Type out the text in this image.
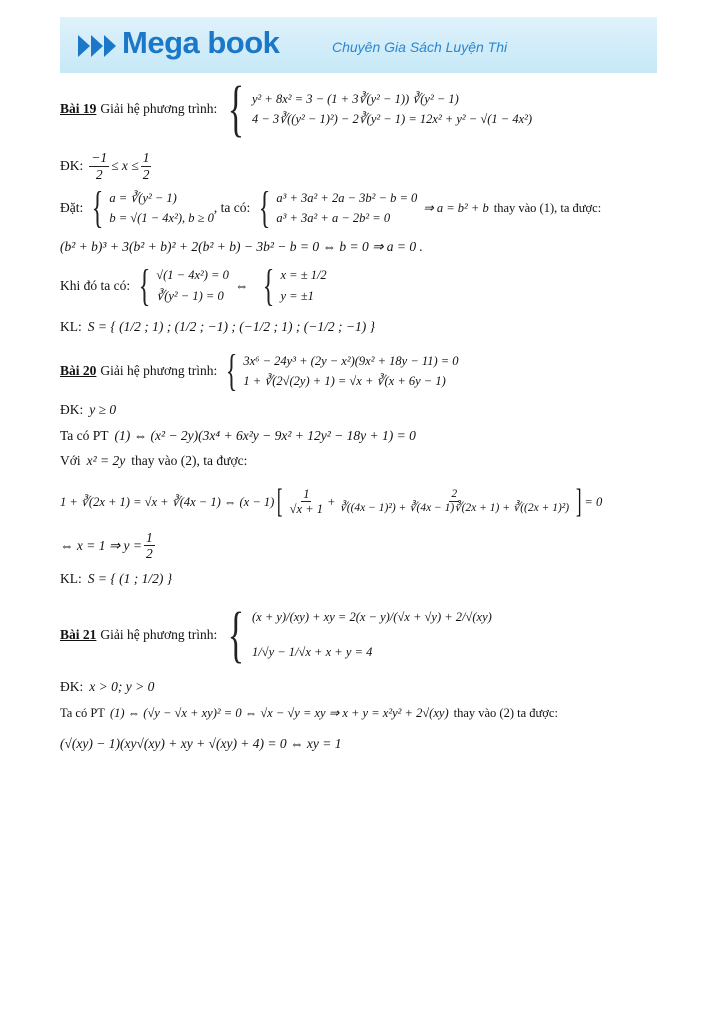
Mega book	Chuyên Gia Sách Luyện Thi
Bài 19 Giải hệ phương trình: { y² + 8x² = 3 − (1 + 3∛(y² − 1)) ∛(y² − 1)
4 − 3∛((y² − 1)²) − 2∛(y² − 1) = 12x² + y² − √(1 − 4x²)
ĐK: $\frac{-1}{2} \le x \le \frac{1}{2}$
Đặt: { a = ∛(y² − 1)
b = √(1 − 4x²), b ≥ 0
, ta có: { a³ + 3a² + 2a − 3b² − b = 0
a³ + 3a² + a − 2b² = 0
⇒ a = b² + b thay vào (1), ta được:
(b² + b)³ + 3(b² + b)² + 2(b² + b) − 3b² − b = 0 ⇔ b = 0 ⇒ a = 0 .
Khi đó ta có: { √(1 − 4x²) = 0
∛(y² − 1) = 0
⇔ { x = ± 1/2
y = ±1
KL: S = { (1/2 ; 1) ; (1/2 ; −1) ; (−1/2 ; 1) ; (−1/2 ; −1) }
Bài 20 Giải hệ phương trình: { 3x⁶ − 24y³ + (2y − x²)(9x² + 18y − 11) = 0
1 + ∛(2√(2y) + 1) = √x + ∛(x + 6y − 1)
ĐK: y ≥ 0
Ta có PT (1) ⇔ (x² − 2y)(3x⁴ + 6x²y − 9x² + 12y² − 18y + 1) = 0
Với x² = 2y thay vào (2), ta được:
1 + ∛(2x + 1) = √x + ∛(4x − 1) ⇔ (x − 1) [ $\frac{1}{√x + 1} + \frac{2}{\text{∛((4x − 1)²) + ∛(4x − 1)∛(2x + 1) + ∛((2x + 1)²)}}$ ] = 0
⇔ x = 1 ⇒ $y = \frac{1}{2}$
KL: S = { (1 ; 1/2) }
Bài 21 Giải hệ phương trình: { (x + y)/(xy) + xy = 2(x − y)/(√x + √y) + 2/√(xy)
1/√y − 1/√x + x + y = 4
ĐK: x > 0; y > 0
Ta có PT (1) ⇔ (√y − √x + xy)² = 0 ⇔ √x − √y = xy ⇒ x + y = x²y² + 2√(xy) thay vào (2) ta được:
(√(xy) − 1)(xy√(xy) + xy + √(xy) + 4) = 0 ⇔ xy = 1
